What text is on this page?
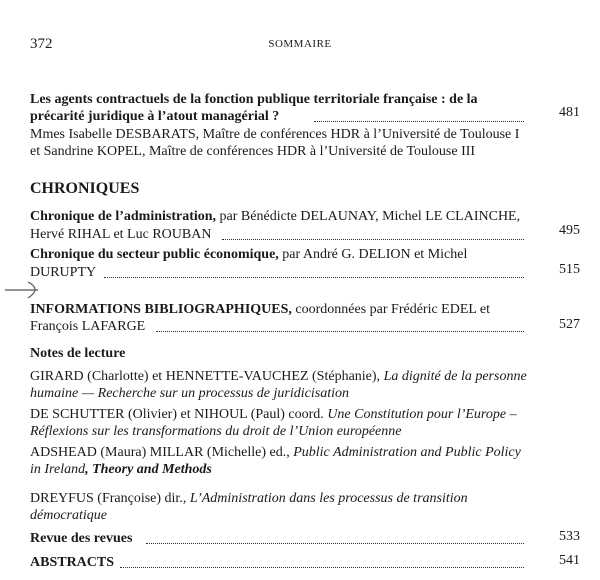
372	SOMMAIRE
Les agents contractuels de la fonction publique territoriale française : de la
précarité juridique à l’atout managérial ?	481
Mmes Isabelle DESBARATS, Maître de conférences HDR à l’Université de Toulouse I
et Sandrine KOPEL, Maître de conférences HDR à l’Université de Toulouse III
CHRONIQUES
Chronique de l’administration, par Bénédicte DELAUNAY, Michel LE CLAINCHE,
Hervé RIHAL et Luc ROUBAN	495
Chronique du secteur public économique, par André G. DELION et Michel
DURUPTY	515
INFORMATIONS BIBLIOGRAPHIQUES, coordonnées par Frédéric EDEL et
François LAFARGE	527
Notes de lecture
GIRARD (Charlotte) et HENNETTE-VAUCHEZ (Stéphanie), La dignité de la personne
humaine — Recherche sur un processus de juridicisation
DE SCHUTTER (Olivier) et NIHOUL (Paul) coord. Une Constitution pour l’Europe –
Réflexions sur les transformations du droit de l’Union européenne
ADSHEAD (Maura) MILLAR (Michelle) ed., Public Administration and Public Policy
in Ireland, Theory and Methods
DREYFUS (Françoise) dir., L’Administration dans les processus de transition
démocratique
Revue des revues	533
ABSTRACTS	541
